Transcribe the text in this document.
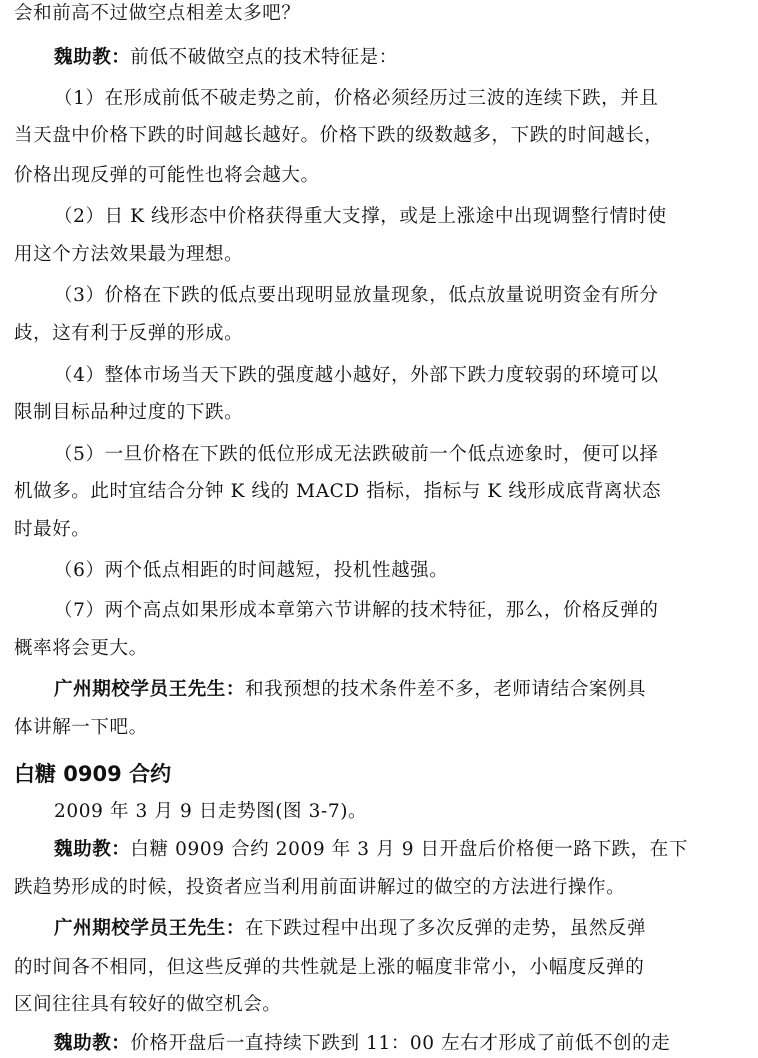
会和前高不过做空点相差太多吧？
魏助教：前低不破做空点的技术特征是：
（1）在形成前低不破走势之前，价格必须经历过三波的连续下跌，并且
当天盘中价格下跌的时间越长越好。价格下跌的级数越多，下跌的时间越长，
价格出现反弹的可能性也将会越大。
（2）日 K 线形态中价格获得重大支撑，或是上涨途中出现调整行情时使
用这个方法效果最为理想。
（3）价格在下跌的低点要出现明显放量现象，低点放量说明资金有所分
歧，这有利于反弹的形成。
（4）整体市场当天下跌的强度越小越好，外部下跌力度较弱的环境可以
限制目标品种过度的下跌。
（5）一旦价格在下跌的低位形成无法跌破前一个低点迹象时，便可以择
机做多。此时宜结合分钟 K 线的 MACD 指标，指标与 K 线形成底背离状态
时最好。
（6）两个低点相距的时间越短，投机性越强。
（7）两个高点如果形成本章第六节讲解的技术特征，那么，价格反弹的
概率将会更大。
广州期校学员王先生：和我预想的技术条件差不多，老师请结合案例具
体讲解一下吧。
白糖 0909 合约
2009 年 3 月 9 日走势图(图 3-7)。
魏助教：白糖 0909 合约 2009 年 3 月 9 日开盘后价格便一路下跌，在下
跌趋势形成的时候，投资者应当利用前面讲解过的做空的方法进行操作。
广州期校学员王先生：在下跌过程中出现了多次反弹的走势，虽然反弹
的时间各不相同，但这些反弹的共性就是上涨的幅度非常小，小幅度反弹的
区间往往具有较好的做空机会。
魏助教：价格开盘后一直持续下跌到 11：00 左右才形成了前低不创的走
